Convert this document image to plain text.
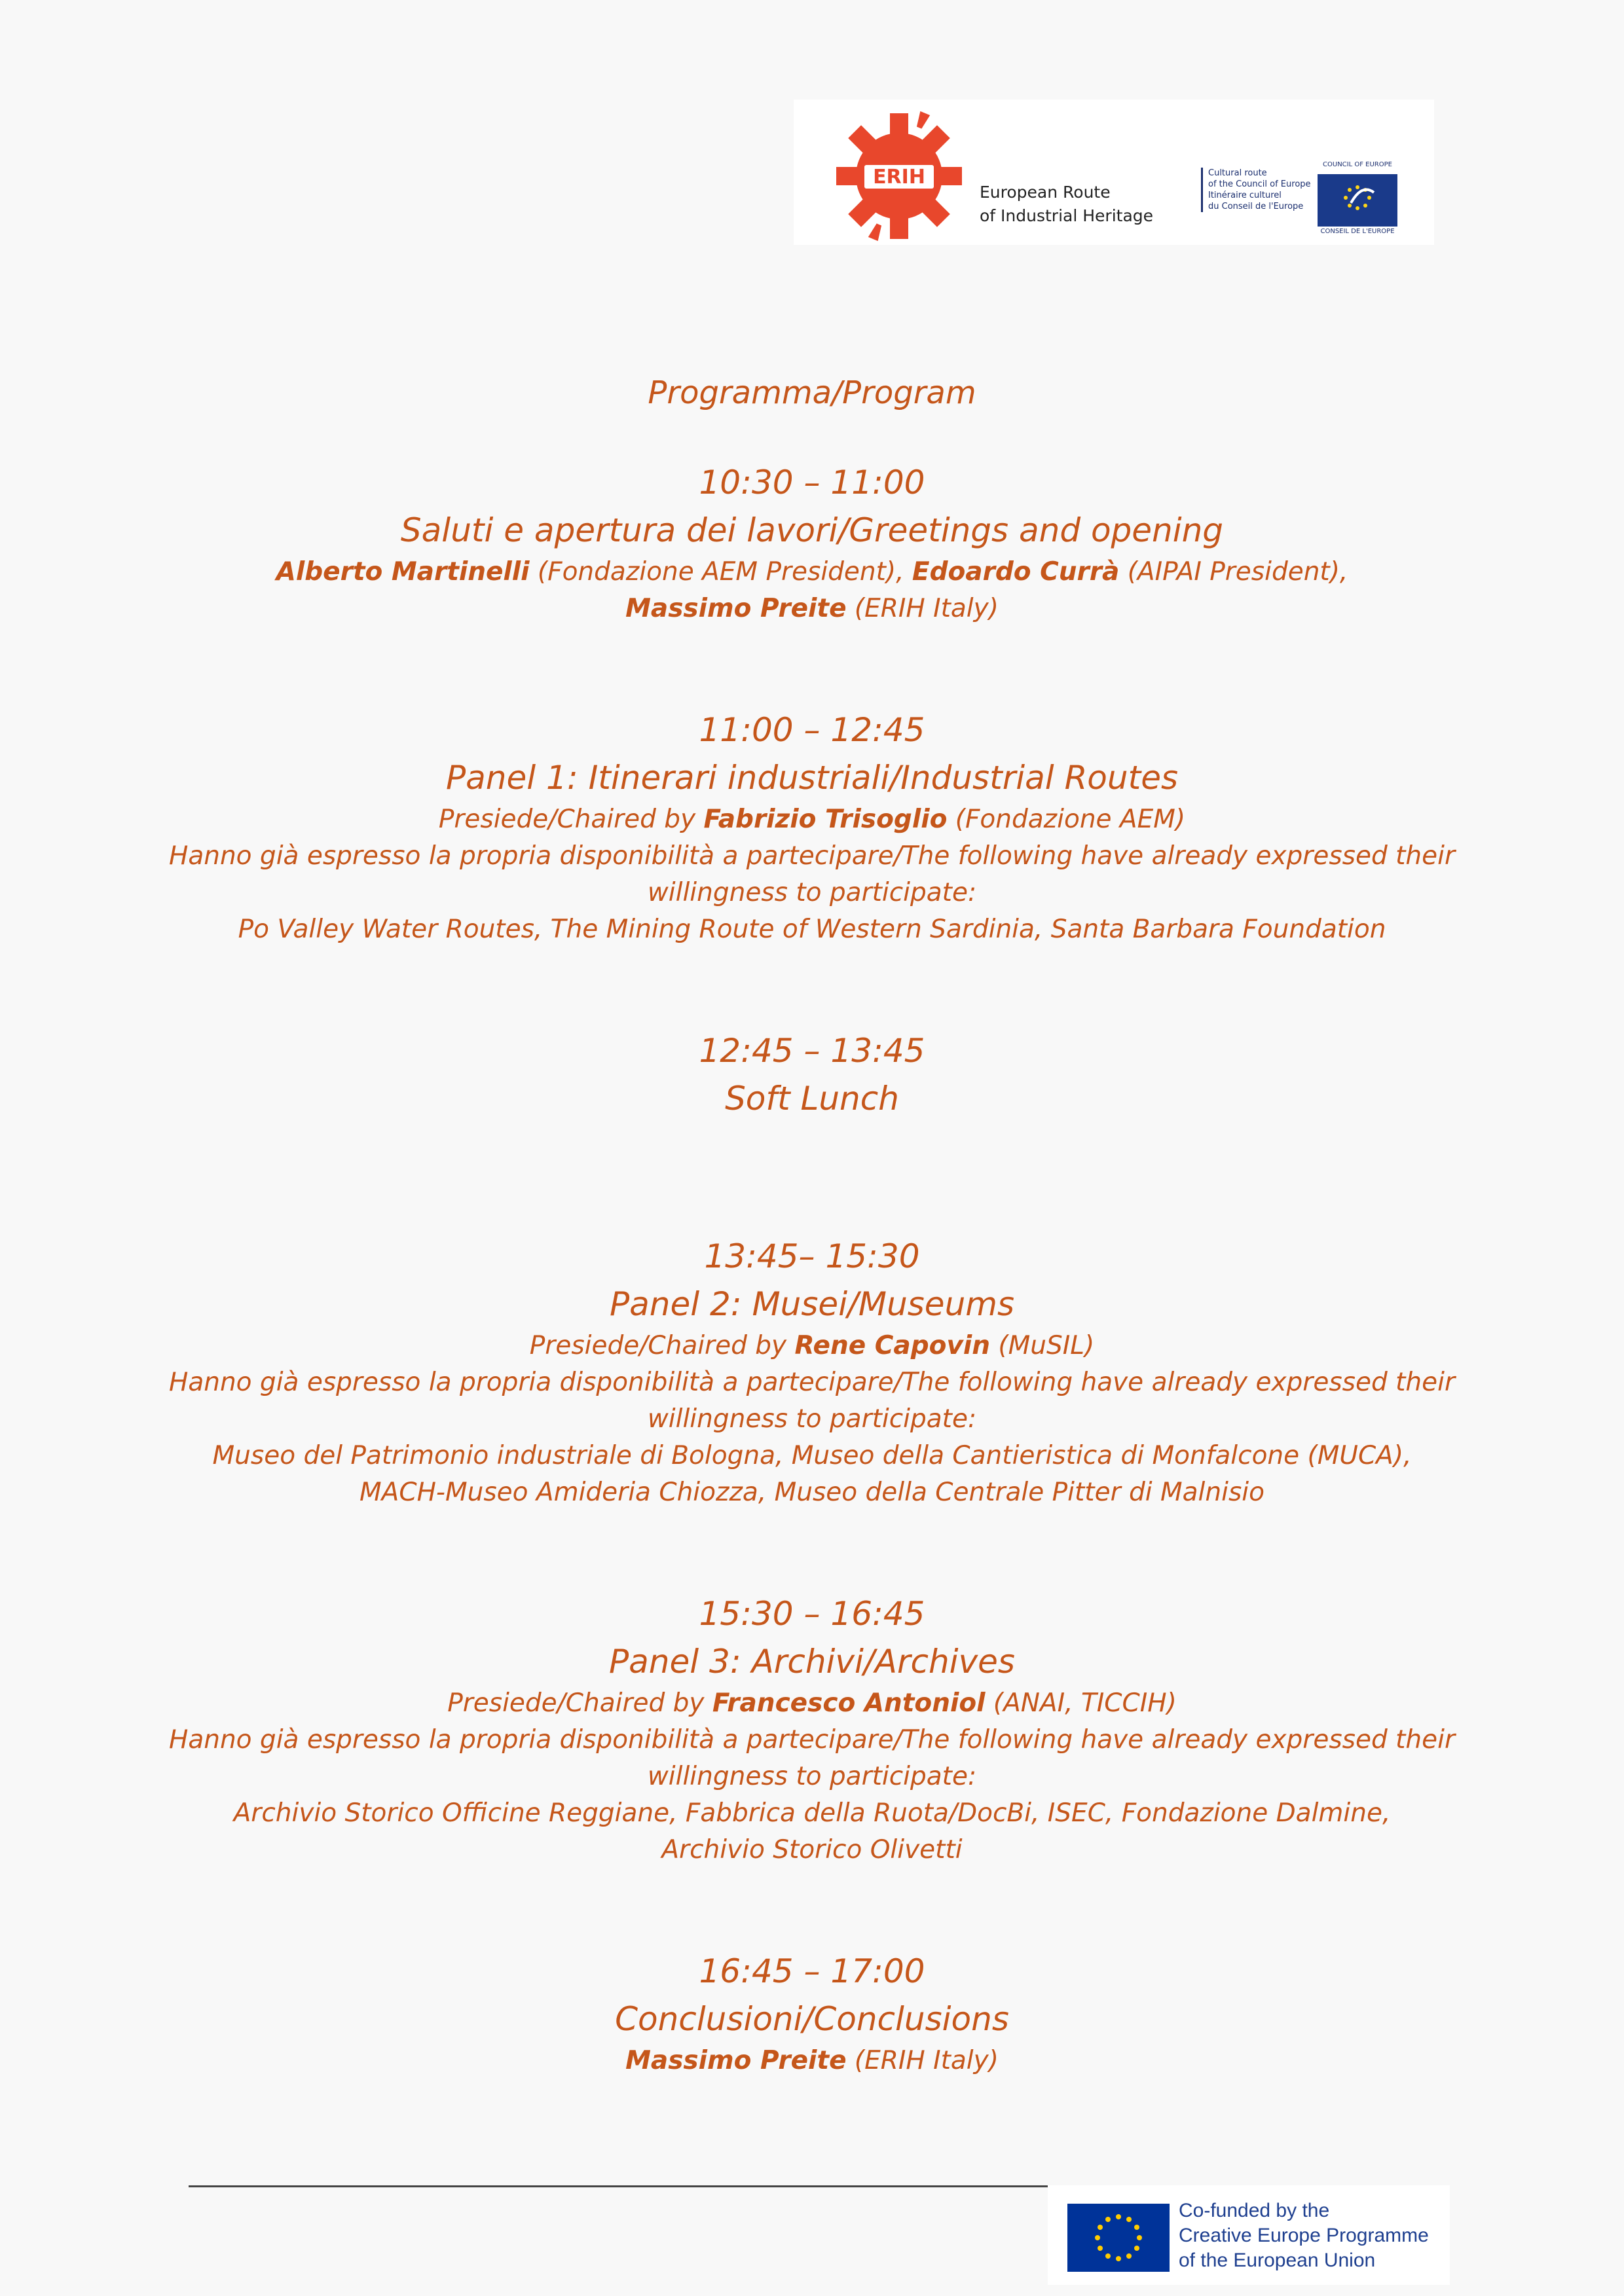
ERIH
European Route
of Industrial Heritage
Cultural route
of the Council of Europe
Itinéraire culturel
du Conseil de l'Europe
COUNCIL OF EUROPE
CONSEIL DE L'EUROPE
Programma/Program
10:30 – 11:00
Saluti e apertura dei lavori/Greetings and opening
Alberto Martinelli (Fondazione AEM President), Edoardo Currà (AIPAI President),
Massimo Preite (ERIH Italy)
11:00 – 12:45
Panel 1: Itinerari industriali/Industrial Routes
Presiede/Chaired by Fabrizio Trisoglio (Fondazione AEM)
Hanno già espresso la propria disponibilità a partecipare/The following have already expressed their
willingness to participate:
Po Valley Water Routes, The Mining Route of Western Sardinia, Santa Barbara Foundation
12:45 – 13:45
Soft Lunch
13:45– 15:30
Panel 2: Musei/Museums
Presiede/Chaired by Rene Capovin (MuSIL)
Hanno già espresso la propria disponibilità a partecipare/The following have already expressed their
willingness to participate:
Museo del Patrimonio industriale di Bologna, Museo della Cantieristica di Monfalcone (MUCA),
MACH-Museo Amideria Chiozza, Museo della Centrale Pitter di Malnisio
15:30 – 16:45
Panel 3: Archivi/Archives
Presiede/Chaired by Francesco Antoniol (ANAI, TICCIH)
Hanno già espresso la propria disponibilità a partecipare/The following have already expressed their
willingness to participate:
Archivio Storico Officine Reggiane, Fabbrica della Ruota/DocBi, ISEC, Fondazione Dalmine,
Archivio Storico Olivetti
16:45 – 17:00
Conclusioni/Conclusions
Massimo Preite (ERIH Italy)
Co-funded by the
Creative Europe Programme
of the European Union
